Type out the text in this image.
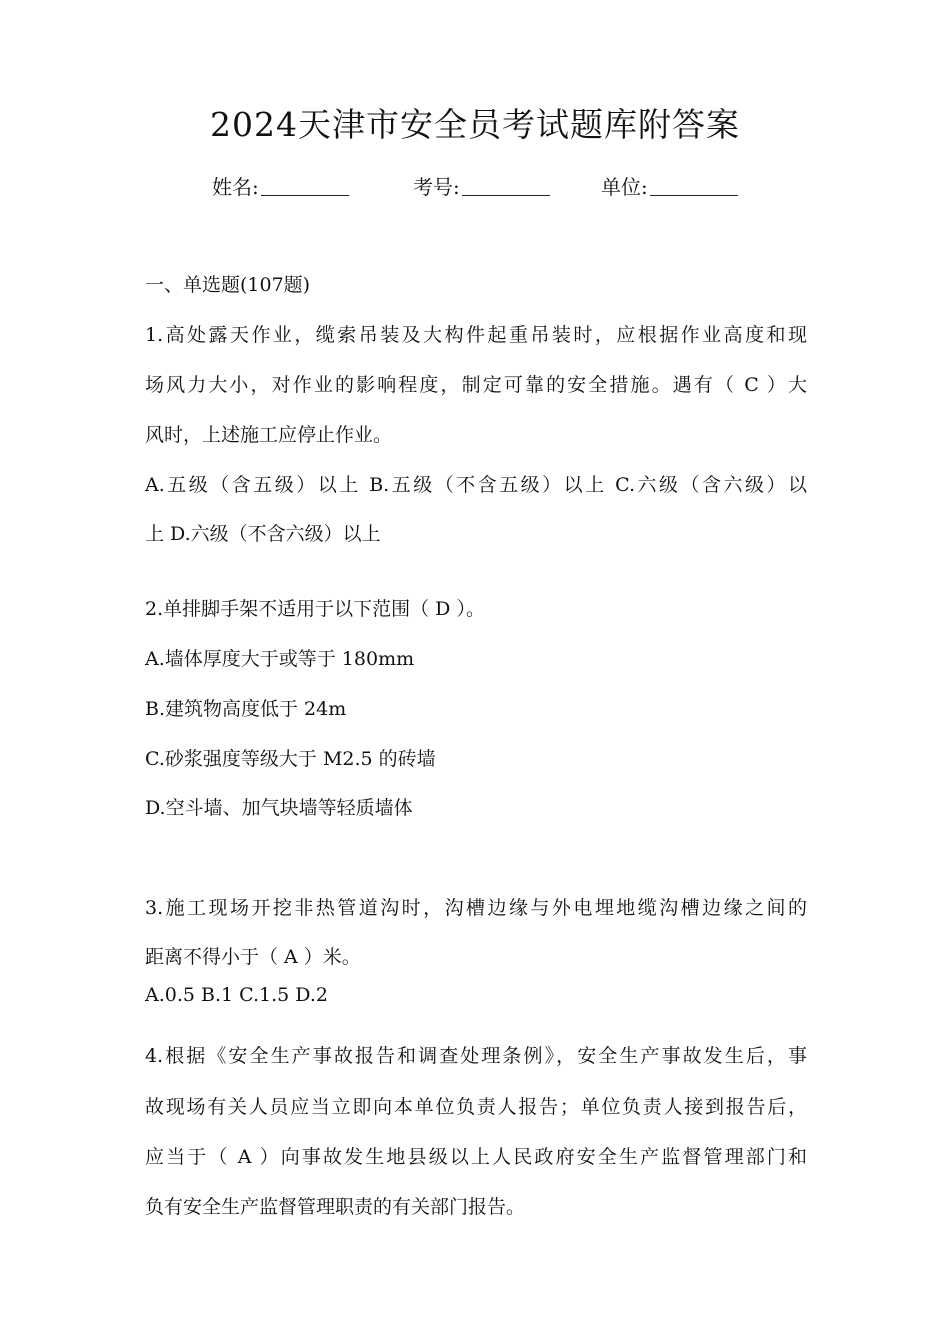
2024天津市安全员考试题库附答案
姓名:	考号:	单位:
一、单选题(107题)
1.高处露天作业，缆索吊装及大构件起重吊装时，应根据作业高度和现
场风力大小，对作业的影响程度，制定可靠的安全措施。遇有（ C ）大
风时，上述施工应停止作业。
A.五级（含五级）以上 B.五级（不含五级）以上 C.六级（含六级）以
上 D.六级（不含六级）以上
2.单排脚手架不适用于以下范围（ D ）。
A.墙体厚度大于或等于 180mm
B.建筑物高度低于 24m
C.砂浆强度等级大于 M2.5 的砖墙
D.空斗墙、加气块墙等轻质墙体
3.施工现场开挖非热管道沟时，沟槽边缘与外电埋地缆沟槽边缘之间的
距离不得小于（ A ）米。
A.0.5 B.1 C.1.5 D.2
4.根据《安全生产事故报告和调查处理条例》，安全生产事故发生后，事
故现场有关人员应当立即向本单位负责人报告；单位负责人接到报告后，
应当于（ A ）向事故发生地县级以上人民政府安全生产监督管理部门和
负有安全生产监督管理职责的有关部门报告。
